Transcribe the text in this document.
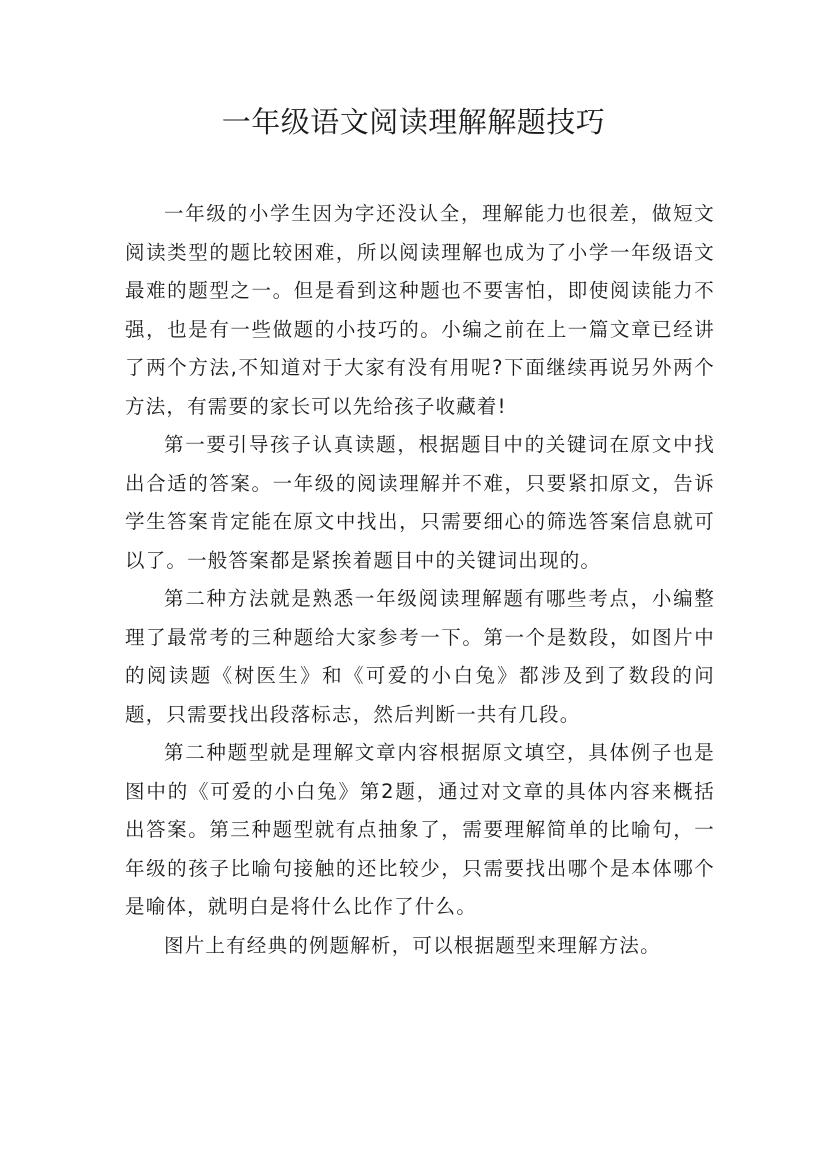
一年级语文阅读理解解题技巧

一年级的小学生因为字还没认全，理解能力也很差，做短文阅读类型的题比较困难，所以阅读理解也成为了小学一年级语文最难的题型之一。但是看到这种题也不要害怕，即使阅读能力不强，也是有一些做题的小技巧的。小编之前在上一篇文章已经讲了两个方法,不知道对于大家有没有用呢?下面继续再说另外两个方法，有需要的家长可以先给孩子收藏着!

第一要引导孩子认真读题，根据题目中的关键词在原文中找出合适的答案。一年级的阅读理解并不难，只要紧扣原文，告诉学生答案肯定能在原文中找出，只需要细心的筛选答案信息就可以了。一般答案都是紧挨着题目中的关键词出现的。

第二种方法就是熟悉一年级阅读理解题有哪些考点，小编整理了最常考的三种题给大家参考一下。第一个是数段，如图片中的阅读题《树医生》和《可爱的小白兔》都涉及到了数段的问题，只需要找出段落标志，然后判断一共有几段。

第二种题型就是理解文章内容根据原文填空，具体例子也是图中的《可爱的小白兔》第2题，通过对文章的具体内容来概括出答案。第三种题型就有点抽象了，需要理解简单的比喻句，一年级的孩子比喻句接触的还比较少，只需要找出哪个是本体哪个是喻体，就明白是将什么比作了什么。

图片上有经典的例题解析，可以根据题型来理解方法。
